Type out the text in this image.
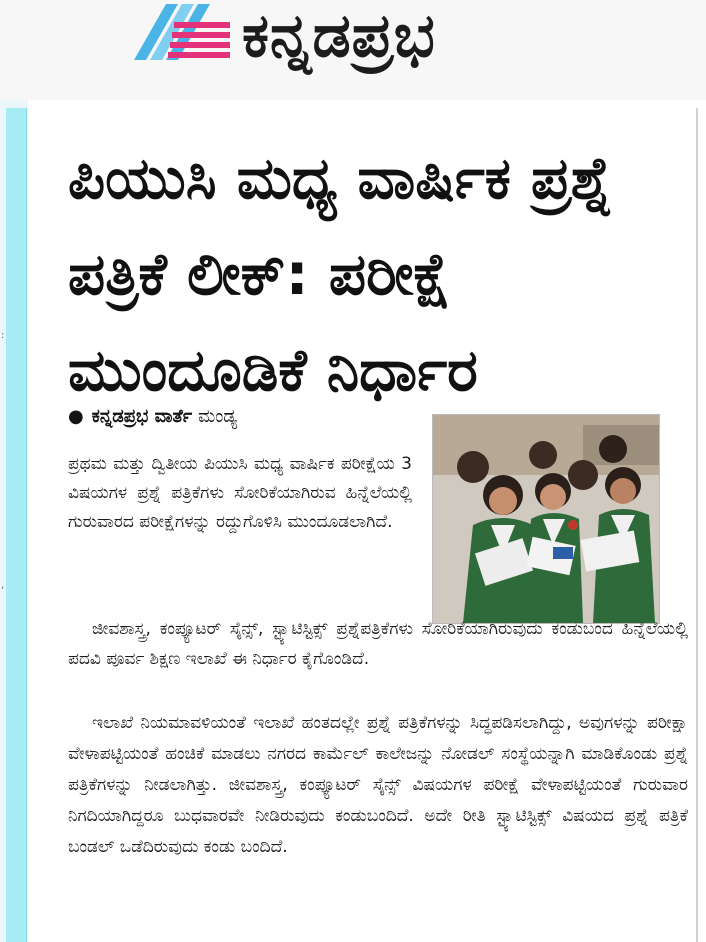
ಕನ್ನಡಪ್ರಭ
ಪಿಯುಸಿ ಮಧ್ಯ ವಾರ್ಷಿಕ ಪ್ರಶ್ನೆ ಪತ್ರಿಕೆ ಲೀಕ್: ಪರೀಕ್ಷೆ ಮುಂದೂಡಿಕೆ ನಿರ್ಧಾರ
● ಕನ್ನಡಪ್ರಭ ವಾರ್ತೆ ಮಂಡ್ಯ

ಪ್ರಥಮ ಮತ್ತು ದ್ವಿತೀಯ ಪಿಯುಸಿ ಮಧ್ಯ ವಾರ್ಷಿಕ ಪರೀಕ್ಷೆಯ 3 ವಿಷಯಗಳ ಪ್ರಶ್ನೆ ಪತ್ರಿಕೆಗಳು ಸೋರಿಕೆಯಾಗಿರುವ ಹಿನ್ನೆಲೆಯಲ್ಲಿ ಗುರುವಾರದ ಪರೀಕ್ಷೆಗಳನ್ನು ರದ್ದುಗೊಳಿಸಿ ಮುಂದೂಡಲಾಗಿದೆ.

ಜೀವಶಾಸ್ತ್ರ, ಕಂಪ್ಯೂಟರ್ ಸೈನ್ಸ್, ಸ್ಟ್ಯಾಟಿಸ್ಟಿಕ್ಸ್ ಪ್ರಶ್ನೆಪತ್ರಿಕೆಗಳು ಸೋರಿಕೆಯಾಗಿರುವುದು ಕಂಡುಬಂದ ಹಿನ್ನೆಲೆಯಲ್ಲಿ ಪದವಿ ಪೂರ್ವ ಶಿಕ್ಷಣ ಇಲಾಖೆ ಈ ನಿರ್ಧಾರ ಕೈಗೊಂಡಿದೆ.

ಇಲಾಖೆ ನಿಯಮಾವಳಿಯಂತೆ ಇಲಾಖೆ ಹಂತದಲ್ಲೇ ಪ್ರಶ್ನೆ ಪತ್ರಿಕೆಗಳನ್ನು ಸಿದ್ಧಪಡಿಸಲಾಗಿದ್ದು, ಅವುಗಳನ್ನು ಪರೀಕ್ಷಾ ವೇಳಾಪಟ್ಟಿಯಂತೆ ಹಂಚಿಕೆ ಮಾಡಲು ನಗರದ ಕಾರ್ಮೆಲ್ ಕಾಲೇಜನ್ನು ನೋಡಲ್ ಸಂಸ್ಥೆಯನ್ನಾಗಿ ಮಾಡಿಕೊಂಡು ಪ್ರಶ್ನೆ ಪತ್ರಿಕೆಗಳನ್ನು ನೀಡಲಾಗಿತ್ತು. ಜೀವಶಾಸ್ತ್ರ, ಕಂಪ್ಯೂಟರ್ ಸೈನ್ಸ್ ವಿಷಯಗಳ ಪರೀಕ್ಷೆ ವೇಳಾಪಟ್ಟಿಯಂತೆ ಗುರುವಾರ ನಿಗದಿಯಾಗಿದ್ದರೂ ಬುಧವಾರವೇ ನೀಡಿರುವುದು ಕಂಡುಬಂದಿದೆ. ಅದೇ ರೀತಿ ಸ್ಟ್ಯಾಟಿಸ್ಟಿಕ್ಸ್ ವಿಷಯದ ಪ್ರಶ್ನೆ ಪತ್ರಿಕೆ ಬಂಡಲ್ ಒಡೆದಿರುವುದು ಕಂಡು ಬಂದಿದೆ.

:
,
